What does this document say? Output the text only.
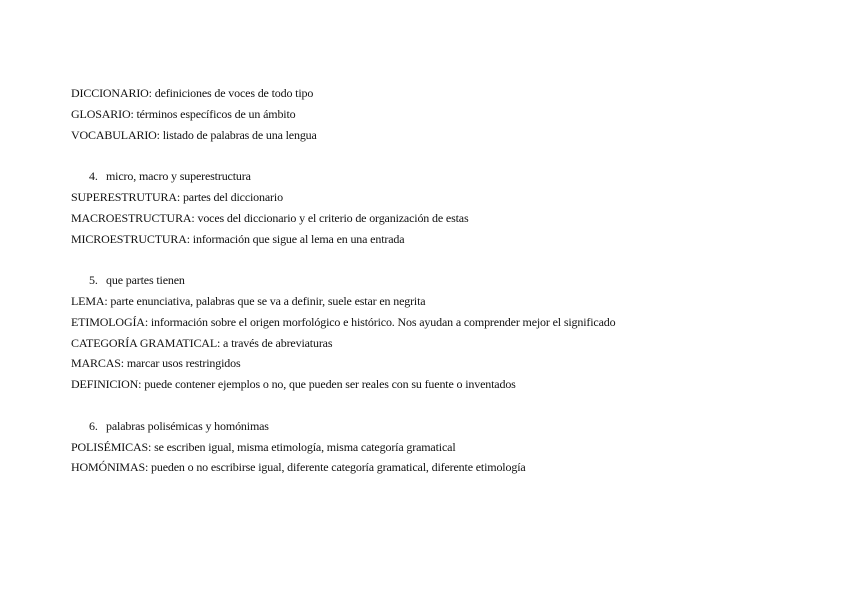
DICCIONARIO: definiciones de voces de todo tipo
GLOSARIO: términos específicos de un ámbito
VOCABULARIO: listado de palabras de una lengua
4. micro, macro y superestructura
SUPERESTRUTURA: partes del diccionario
MACROESTRUCTURA: voces del diccionario y el criterio de organización de estas
MICROESTRUCTURA: información que sigue al lema en una entrada
5. que partes tienen
LEMA: parte enunciativa, palabras que se va a definir, suele estar en negrita
ETIMOLOGÍA: información sobre el origen morfológico e histórico. Nos ayudan a comprender mejor el significado
CATEGORÍA GRAMATICAL: a través de abreviaturas
MARCAS: marcar usos restringidos
DEFINICION: puede contener ejemplos o no, que pueden ser reales con su fuente o inventados
6. palabras polisémicas y homónimas
POLISÉMICAS: se escriben igual, misma etimología, misma categoría gramatical
HOMÓNIMAS: pueden o no escribirse igual, diferente categoría gramatical, diferente etimología
